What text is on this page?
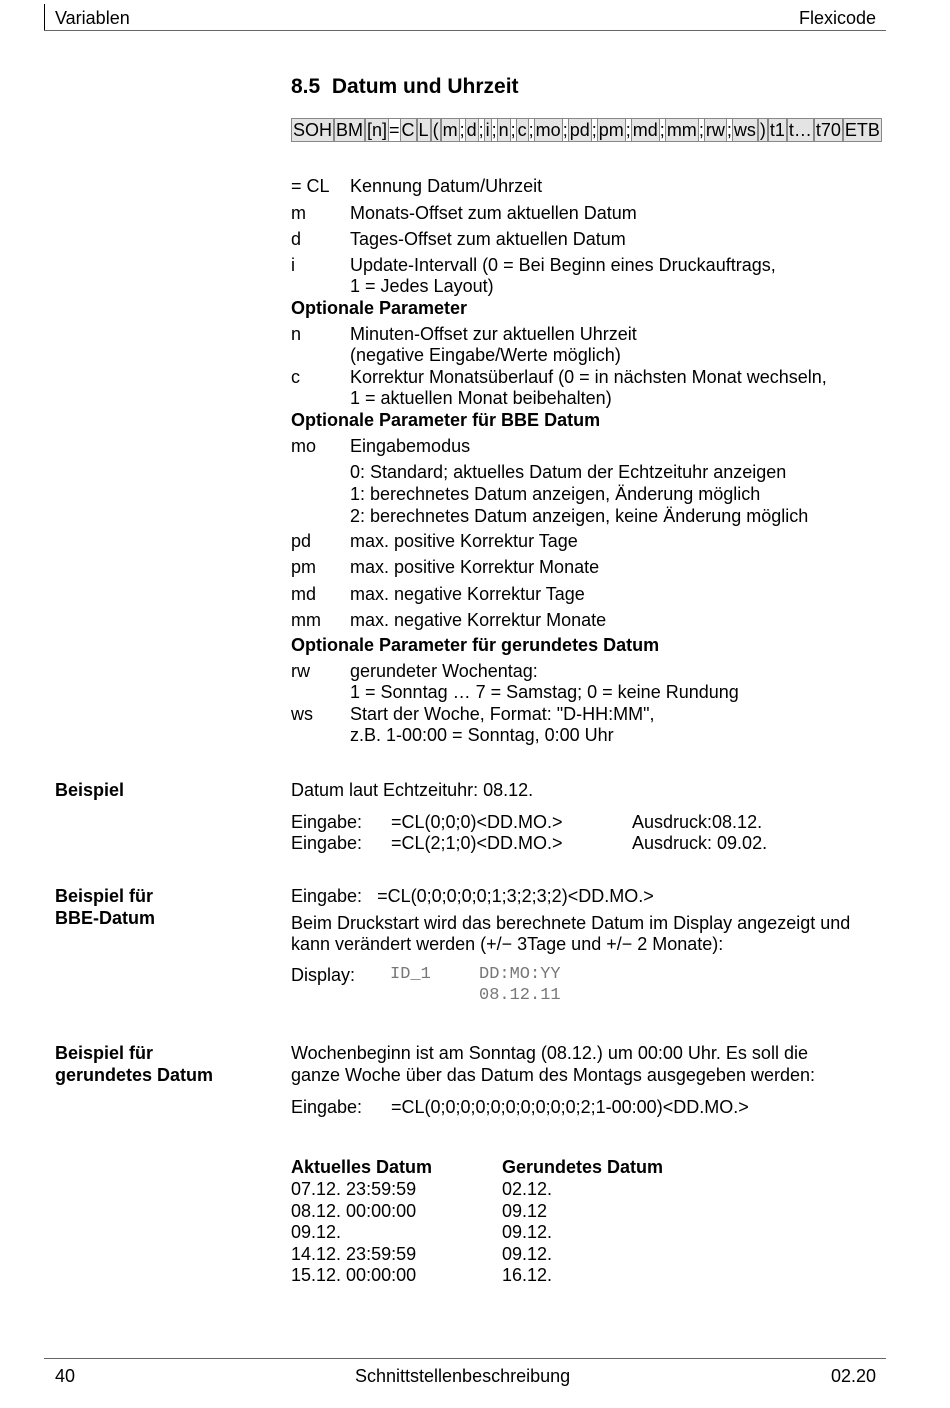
Variablen	Flexicode
8.5  Datum und Uhrzeit
SOH BM [n] = C L ( m ; d ; i ; n ; c ; mo ; pd ; pm ; md ; mm ; rw ; ws ) t1 t… t70 ETB
= CL Kennung Datum/Uhrzeit
m Monats-Offset zum aktuellen Datum
d	Tages-Offset zum aktuellen Datum
i	Update-Intervall (0 = Bei Beginn eines Druckauftrags,
1 = Jedes Layout)
Optionale Parameter
n	Minuten-Offset zur aktuellen Uhrzeit
(negative Eingabe/Werte möglich)
c	Korrektur Monatsüberlauf (0 = in nächsten Monat wechseln,
1 = aktuellen Monat beibehalten)
Optionale Parameter für BBE Datum
mo Eingabemodus
0: Standard; aktuelles Datum der Echtzeituhr anzeigen
1: berechnetes Datum anzeigen, Änderung möglich
2: berechnetes Datum anzeigen, keine Änderung möglich
pd max. positive Korrektur Tage
pm max. positive Korrektur Monate
md max. negative Korrektur Tage
mm max. negative Korrektur Monate
Optionale Parameter für gerundetes Datum
rw gerundeter Wochentag:
1 = Sonntag … 7 = Samstag; 0 = keine Rundung
ws Start der Woche, Format: "D-HH:MM",
z.B. 1-00:00 = Sonntag, 0:00 Uhr
Beispiel	Datum laut Echtzeituhr: 08.12.
Eingabe: =CL(0;0;0)<DD.MO.>	Ausdruck:08.12.
Eingabe: =CL(2;1;0)<DD.MO.>	Ausdruck: 09.02.
Beispiel für
BBE-Datum
Eingabe:   =CL(0;0;0;0;0;1;3;2;3;2)<DD.MO.>
Beim Druckstart wird das berechnete Datum im Display angezeigt und
kann verändert werden (+/− 3Tage und +/− 2 Monate):
Display: ID_1	DD:MO:YY
08.12.11
Beispiel für
gerundetes Datum
Wochenbeginn ist am Sonntag (08.12.) um 00:00 Uhr. Es soll die
ganze Woche über das Datum des Montags ausgegeben werden:
Eingabe: =CL(0;0;0;0;0;0;0;0;0;0;2;1-00:00)<DD.MO.>
Aktuelles Datum	Gerundetes Datum
07.12. 23:59:59	02.12.
08.12. 00:00:00	09.12
09.12.	09.12.
14.12. 23:59:59	09.12.
15.12. 00:00:00	16.12.
40	Schnittstellenbeschreibung	02.20
